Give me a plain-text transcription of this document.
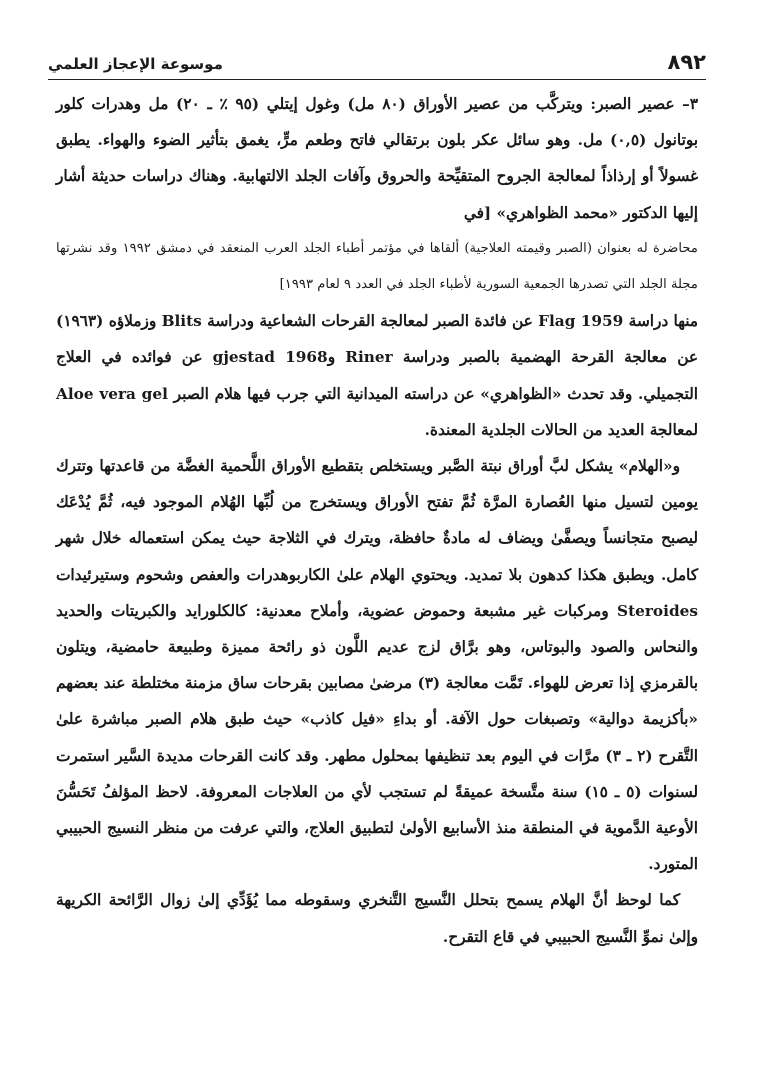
٨٩٢
موسوعة الإعجاز العلمي

٣– عصير الصبر: ويتركَّب من عصير الأوراق (٨٠ مل) وغول إيتلي (٩٥ ٪ ـ ٢٠) مل وهدرات كلور بوتانول (٠,٥) مل. وهو سائل عكر بلون برتقالي فاتح وطعم مرٍّ، يغمق بتأثير الضوء والهواء. يطبق غسولاً أو إرذاذاً لمعالجة الجروح المتقيِّحة والحروق وآفات الجلد الالتهابية. وهناك دراسات حديثة أشار إليها الدكتور «محمد الظواهري» [في

محاضرة له بعنوان (الصبر وقيمته العلاجية) ألقاها في مؤتمر أطباء الجلد العرب المنعقد في دمشق ١٩٩٢ وقد نشرتها مجلة الجلد التي تصدرها الجمعية السورية لأطباء الجلد في العدد ٩ لعام ١٩٩٣]

منها دراسة Flag 1959 عن فائدة الصبر لمعالجة القرحات الشعاعية ودراسة Blits وزملاؤه (١٩٦٣) عن معالجة القرحة الهضمية بالصبر ودراسة Riner وgjestad 1968 عن فوائده في العلاج التجميلي. وقد تحدث «الظواهري» عن دراسته الميدانية التي جرب فيها هلام الصبر Aloe vera gel لمعالجة العديد من الحالات الجلدية المعندة.

و«الهلام» يشكل لبَّ أوراق نبتة الصَّبر ويستخلص بتقطيع الأوراق اللَّحمية الغضَّة من قاعدتها وتترك يومين لتسيل منها العُصارة المرَّة ثُمَّ تفتح الأوراق ويستخرج من لُبِّها الهُلام الموجود فيه، ثُمَّ يُدْعَك ليصبح متجانساً ويصفَّىٰ ويضاف له مادةٌ حافظة، ويترك في الثلاجة حيث يمكن استعماله خلال شهر كامل. ويطبق هكذا كدهون بلا تمديد. ويحتوي الهلام علىٰ الكاربوهدرات والعفص وشحوم وستيرئيدات Steroides ومركبات غير مشبعة وحموض عضوية، وأملاح معدنية: كالكلورايد والكبريتات والحديد والنحاس والصود والبوتاس، وهو برَّاق لزج عديم اللَّون ذو رائحة مميزة وطبيعة حامضية، ويتلون بالقرمزي إذا تعرض للهواء. تَمَّت معالجة (٣) مرضىٰ مصابين بقرحات ساق مزمنة مختلطة عند بعضهم «بأكزيمة دوالية» وتصبغات حول الآفة. أو بداءِ «فيل كاذب» حيث طبق هلام الصبر مباشرة علىٰ التَّقرح (٢ ـ ٣) مرَّات في اليوم بعد تنظيفها بمحلول مطهر. وقد كانت القرحات مديدة السَّير استمرت لسنوات (٥ ـ ١٥) سنة متَّسخة عميقةً لم تستجب لأي من العلاجات المعروفة. لاحظ المؤلفُ تَحَسُّنَ الأوعية الدَّموية في المنطقة منذ الأسابيع الأولىٰ لتطبيق العلاج، والتي عرفت من منظر النسيج الحبيبي المتورد.

كما لوحظ أنَّ الهلام يسمح بتحلل النَّسيج التَّنخري وسقوطه مما يُؤَدِّي إلىٰ زوال الرَّائحة الكريهة وإلىٰ نموِّ النَّسيج الحبيبي في قاع التقرح.
